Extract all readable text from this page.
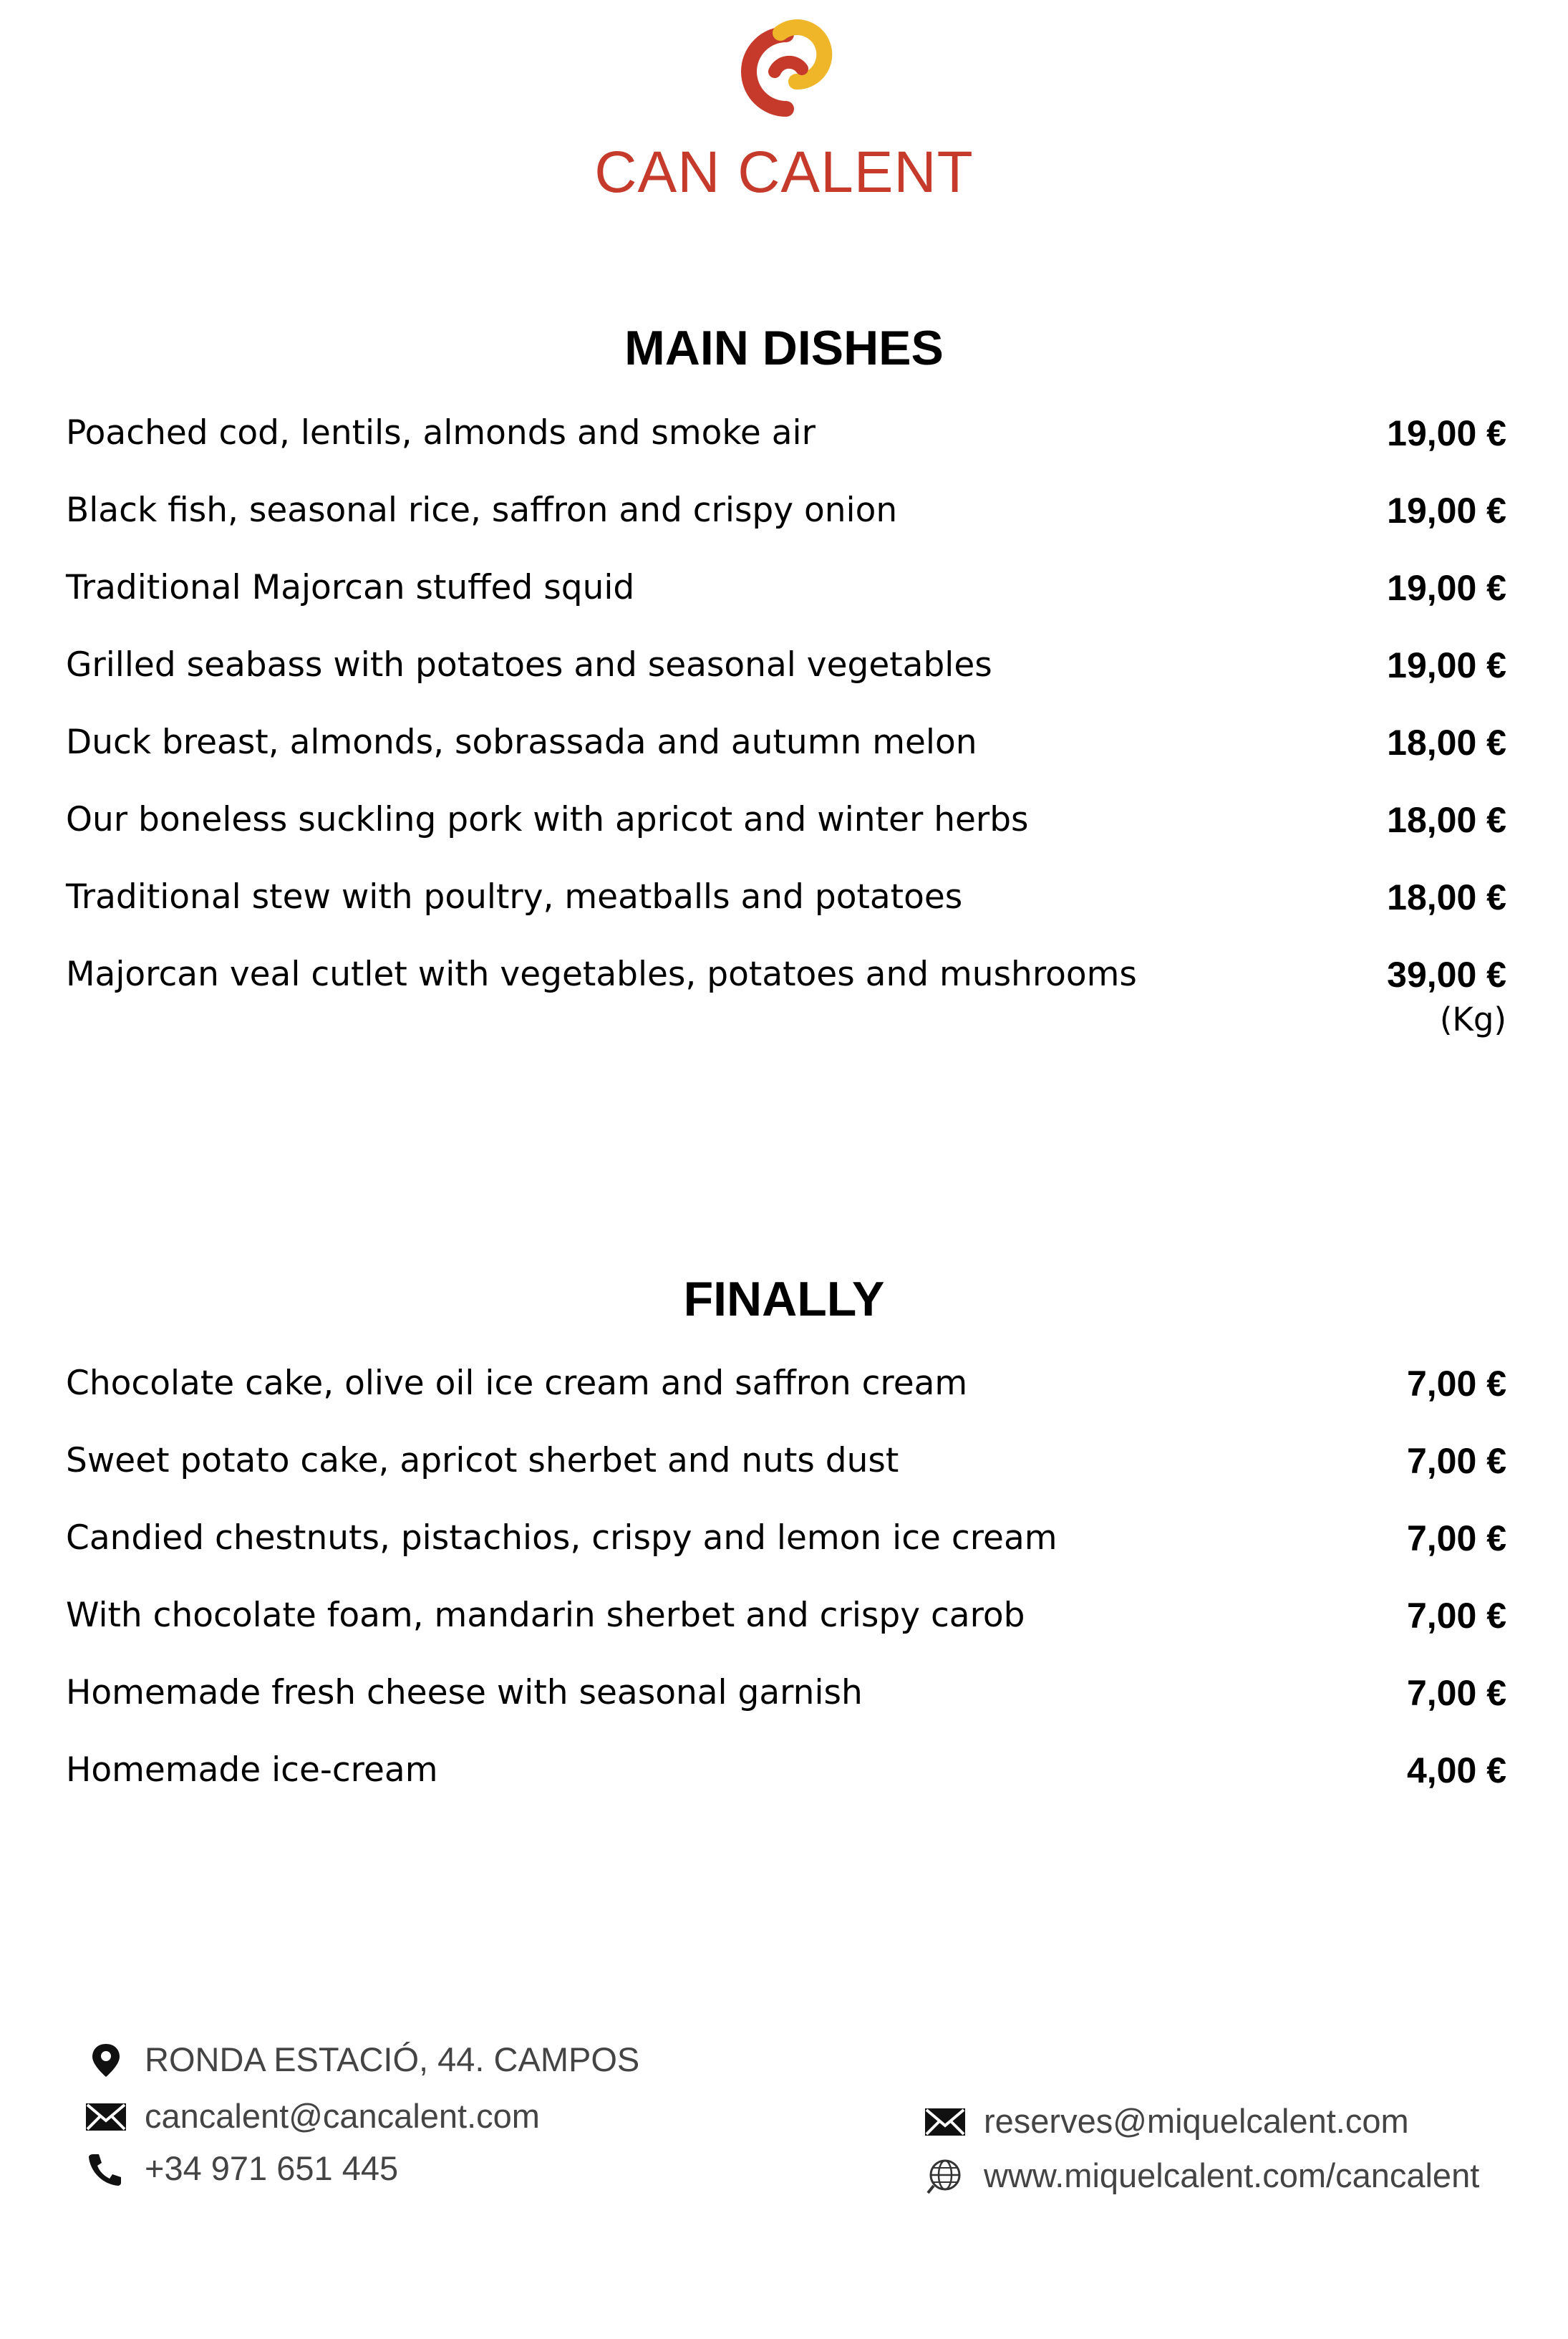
CAN CALENT
MAIN DISHES
Poached cod, lentils, almonds and smoke air	19,00 €
Black fish, seasonal rice, saffron and crispy onion	19,00 €
Traditional Majorcan stuffed squid	19,00 €
Grilled seabass with potatoes and seasonal vegetables	19,00 €
Duck breast, almonds, sobrassada and autumn melon	18,00 €
Our boneless suckling pork with apricot and winter herbs	18,00 €
Traditional stew with poultry, meatballs and potatoes	18,00 €
Majorcan veal cutlet with vegetables, potatoes and mushrooms	39,00 €
(Kg)
FINALLY
Chocolate cake, olive oil ice cream and saffron cream	7,00 €
Sweet potato cake, apricot sherbet and nuts dust	7,00 €
Candied chestnuts, pistachios, crispy and lemon ice cream	7,00 €
With chocolate foam, mandarin sherbet and crispy carob	7,00 €
Homemade fresh cheese with seasonal garnish	7,00 €
Homemade ice-cream	4,00 €
RONDA ESTACIÓ, 44. CAMPOS
cancalent@cancalent.com
+34 971 651 445
reserves@miquelcalent.com
www.miquelcalent.com/cancalent
